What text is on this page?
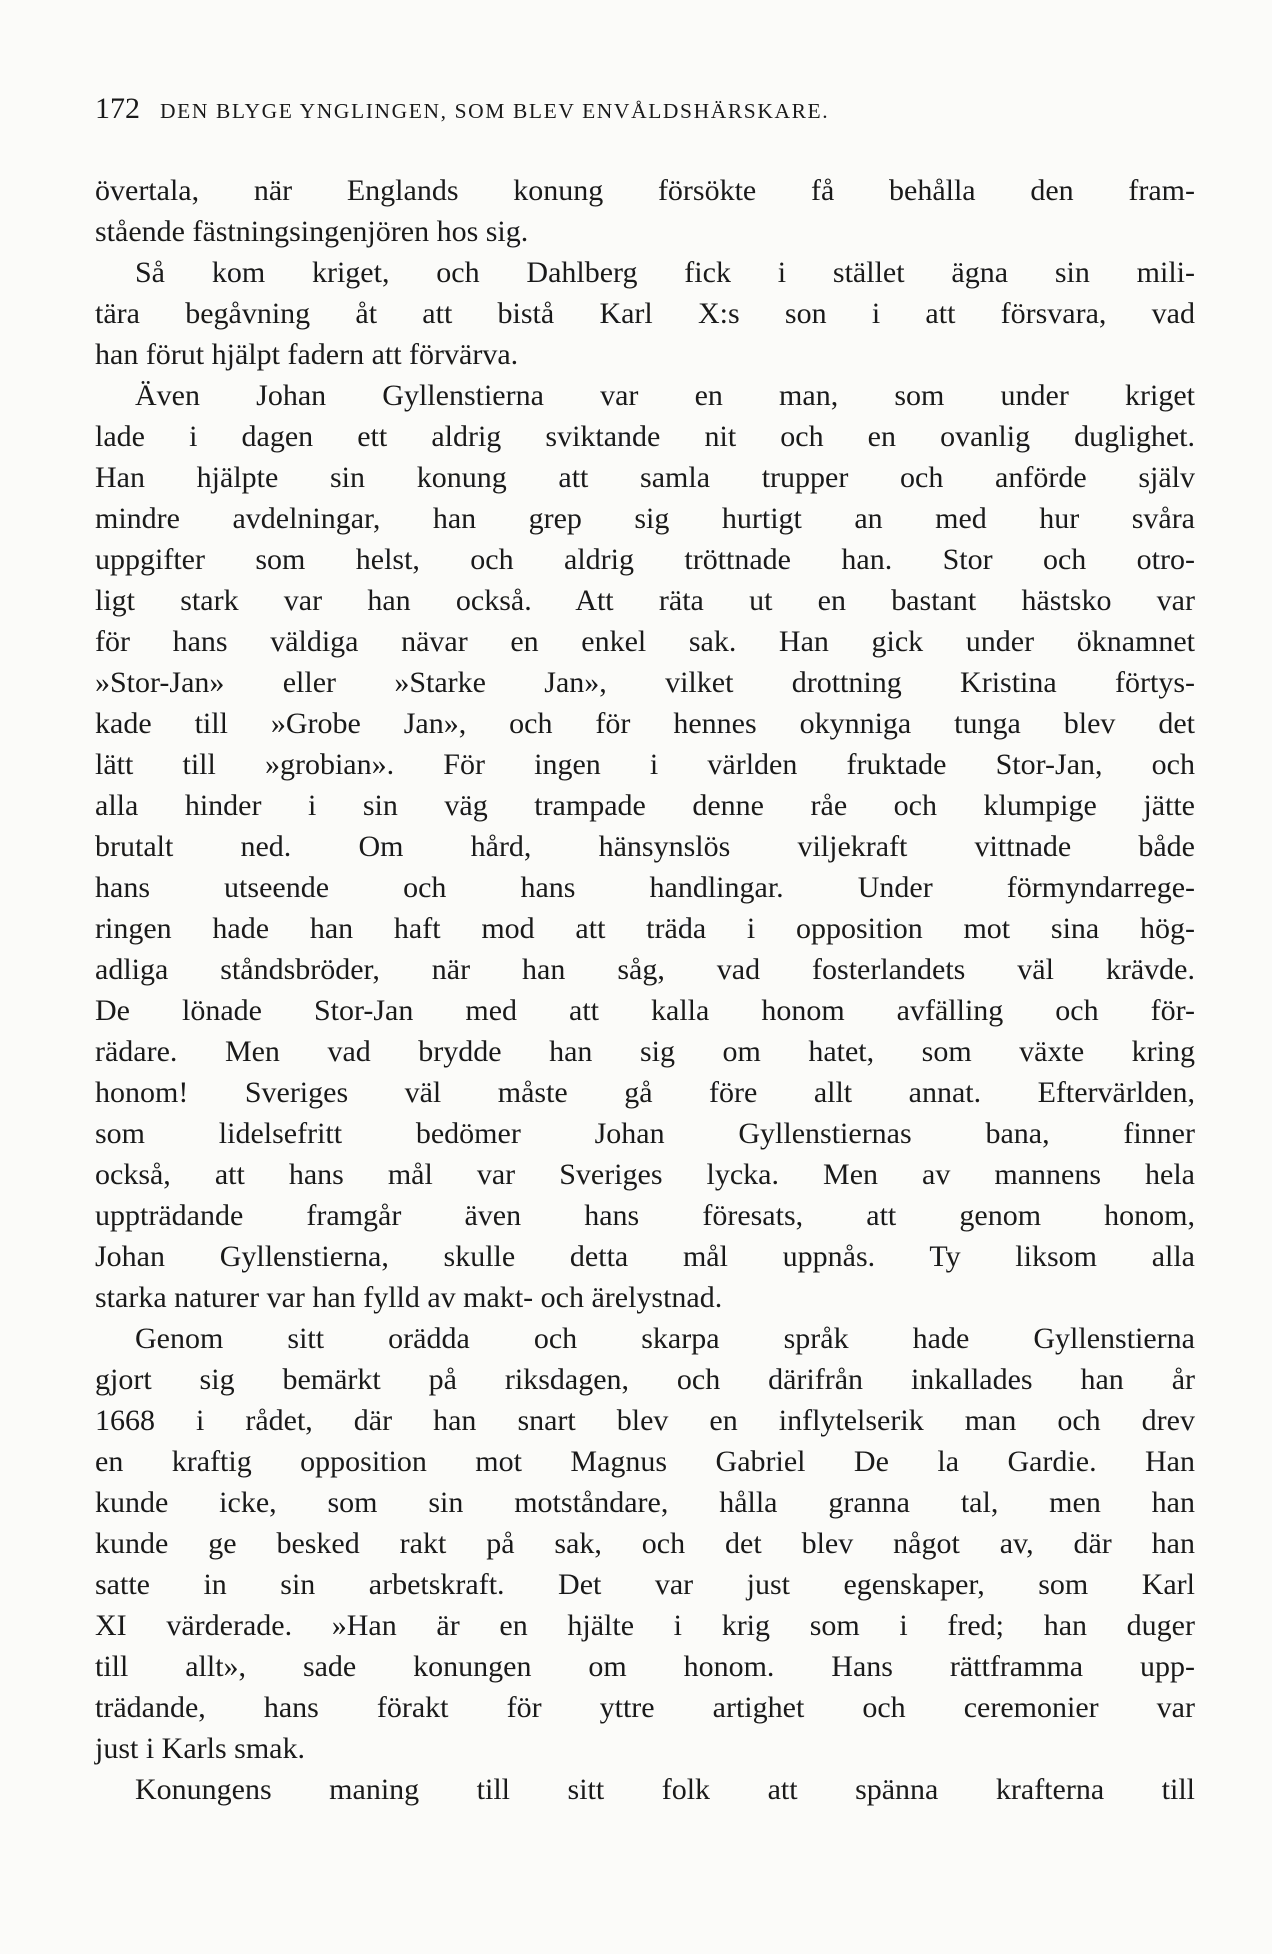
172 DEN BLYGE YNGLINGEN, SOM BLEV ENVÅLDSHÄRSKARE.
övertala, när Englands konung försökte få behålla den fram-
stående fästningsingenjören hos sig.
Så kom kriget, och Dahlberg fick i stället ägna sin mili-
tära begåvning åt att bistå Karl X:s son i att försvara, vad
han förut hjälpt fadern att förvärva.
Även Johan Gyllenstierna var en man, som under kriget
lade i dagen ett aldrig sviktande nit och en ovanlig duglighet.
Han hjälpte sin konung att samla trupper och anförde själv
mindre avdelningar, han grep sig hurtigt an med hur svåra
uppgifter som helst, och aldrig tröttnade han. Stor och otro-
ligt stark var han också. Att räta ut en bastant hästsko var
för hans väldiga nävar en enkel sak. Han gick under öknamnet
»Stor-Jan» eller »Starke Jan», vilket drottning Kristina förtys-
kade till »Grobe Jan», och för hennes okynniga tunga blev det
lätt till »grobian». För ingen i världen fruktade Stor-Jan, och
alla hinder i sin väg trampade denne råe och klumpige jätte
brutalt ned. Om hård, hänsynslös viljekraft vittnade både
hans utseende och hans handlingar. Under förmyndarrege-
ringen hade han haft mod att träda i opposition mot sina hög-
adliga ståndsbröder, när han såg, vad fosterlandets väl krävde.
De lönade Stor-Jan med att kalla honom avfälling och för-
rädare. Men vad brydde han sig om hatet, som växte kring
honom! Sveriges väl måste gå före allt annat. Eftervärlden,
som lidelsefritt bedömer Johan Gyllenstiernas bana, finner
också, att hans mål var Sveriges lycka. Men av mannens hela
uppträdande framgår även hans föresats, att genom honom,
Johan Gyllenstierna, skulle detta mål uppnås. Ty liksom alla
starka naturer var han fylld av makt- och ärelystnad.
Genom sitt orädda och skarpa språk hade Gyllenstierna
gjort sig bemärkt på riksdagen, och därifrån inkallades han år
1668 i rådet, där han snart blev en inflytelserik man och drev
en kraftig opposition mot Magnus Gabriel De la Gardie. Han
kunde icke, som sin motståndare, hålla granna tal, men han
kunde ge besked rakt på sak, och det blev något av, där han
satte in sin arbetskraft. Det var just egenskaper, som Karl
XI värderade. »Han är en hjälte i krig som i fred; han duger
till allt», sade konungen om honom. Hans rättframma upp-
trädande, hans förakt för yttre artighet och ceremonier var
just i Karls smak.
Konungens maning till sitt folk att spänna krafterna till
